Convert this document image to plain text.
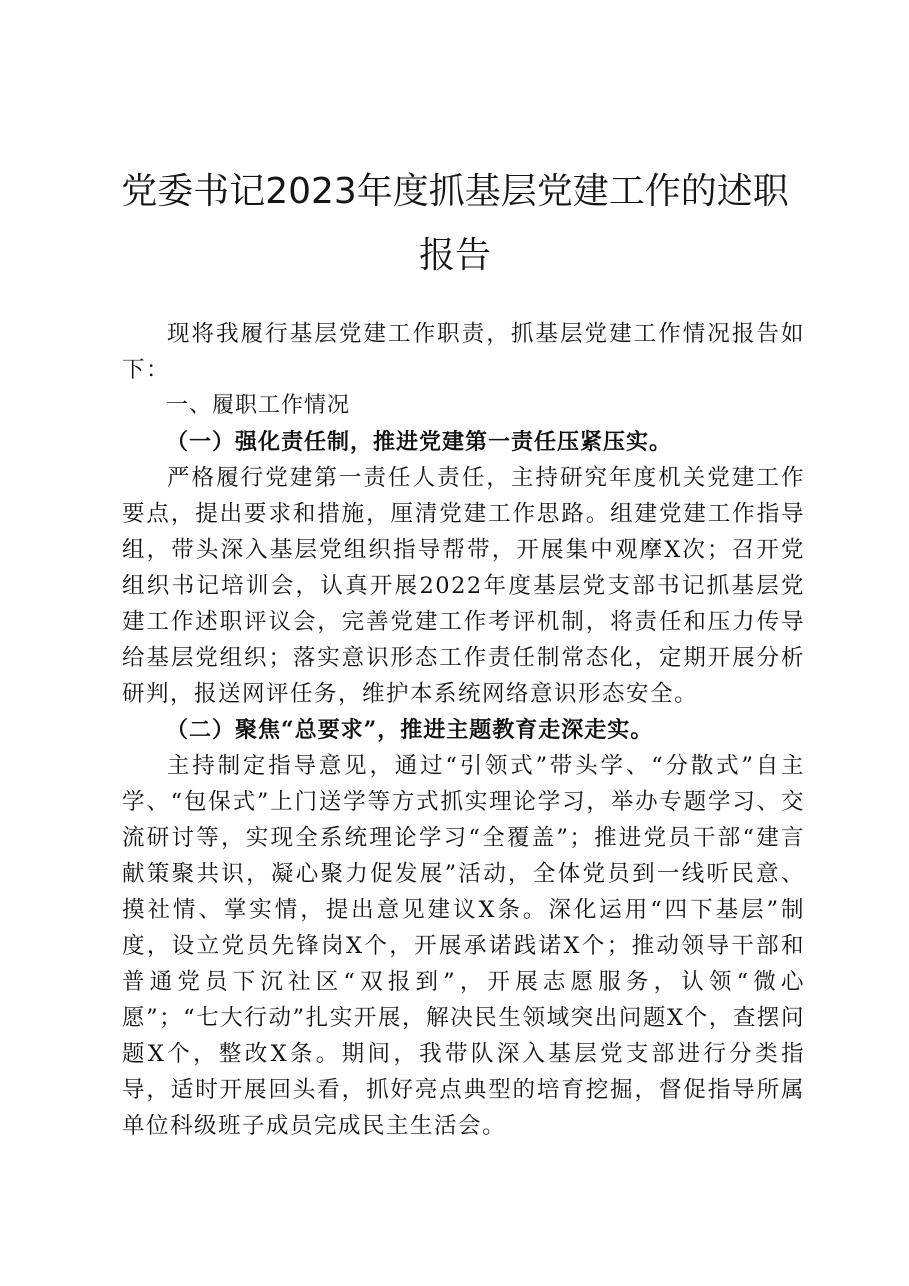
党委书记2023年度抓基层党建工作的述职报告

现将我履行基层党建工作职责，抓基层党建工作情况报告如下：

一、履职工作情况

（一）强化责任制，推进党建第一责任压紧压实。

严格履行党建第一责任人责任，主持研究年度机关党建工作要点，提出要求和措施，厘清党建工作思路。组建党建工作指导组，带头深入基层党组织指导帮带，开展集中观摩X次；召开党组织书记培训会，认真开展2022年度基层党支部书记抓基层党建工作述职评议会，完善党建工作考评机制，将责任和压力传导给基层党组织；落实意识形态工作责任制常态化，定期开展分析研判，报送网评任务，维护本系统网络意识形态安全。

（二）聚焦“总要求”，推进主题教育走深走实。

主持制定指导意见，通过“引领式”带头学、“分散式”自主学、“包保式”上门送学等方式抓实理论学习，举办专题学习、交流研讨等，实现全系统理论学习“全覆盖”；推进党员干部“建言献策聚共识，凝心聚力促发展”活动，全体党员到一线听民意、摸社情、掌实情，提出意见建议X条。深化运用“四下基层”制度，设立党员先锋岗X个，开展承诺践诺X个；推动领导干部和普通党员下沉社区“双报到”，开展志愿服务，认领“微心愿”；“七大行动”扎实开展，解决民生领域突出问题X个，查摆问题X个，整改X条。期间，我带队深入基层党支部进行分类指导，适时开展回头看，抓好亮点典型的培育挖掘，督促指导所属单位科级班子成员完成民主生活会。
